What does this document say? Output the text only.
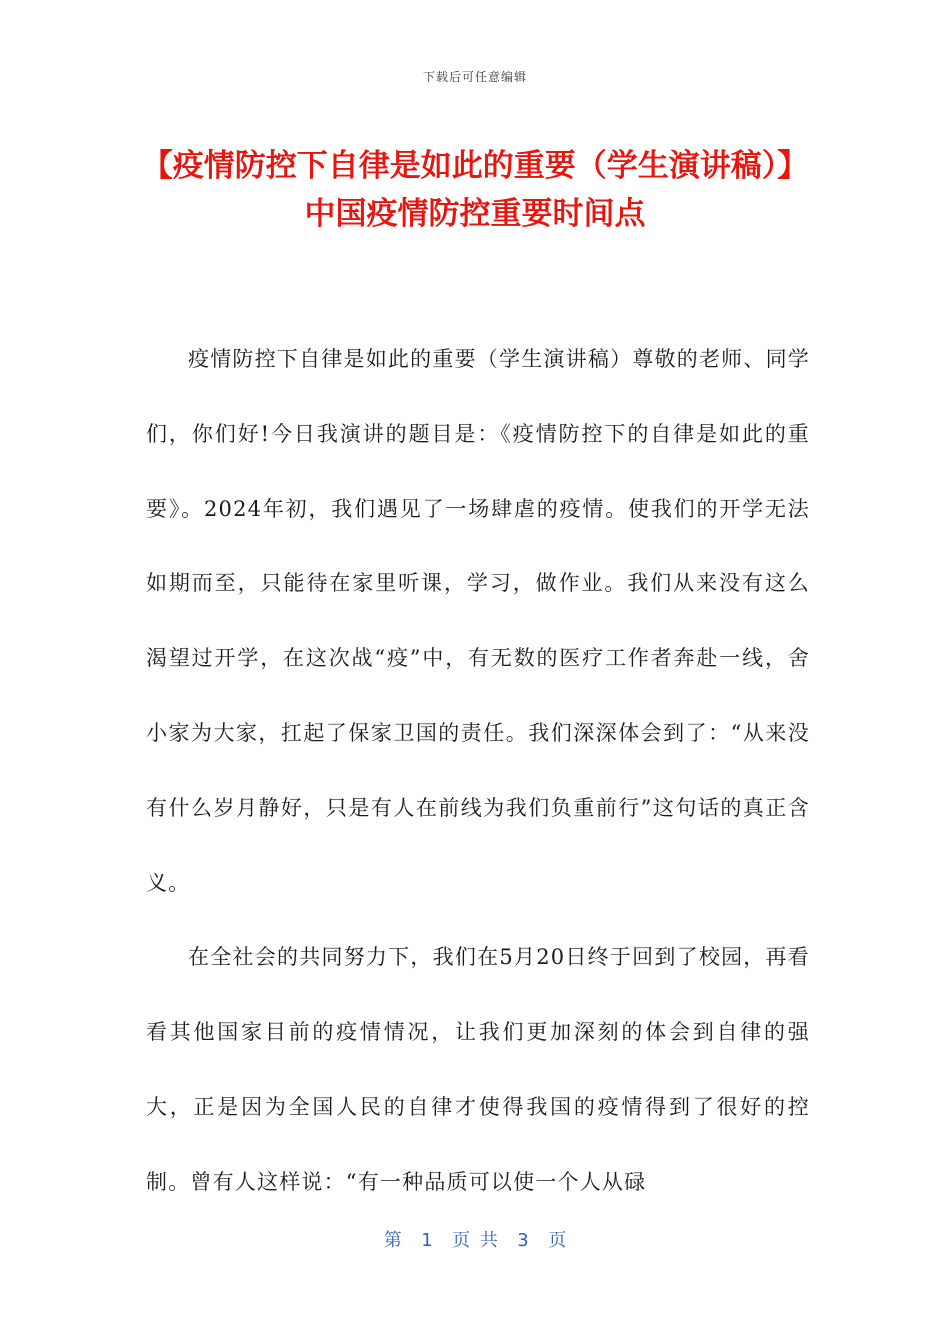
下载后可任意编辑
【疫情防控下自律是如此的重要（学生演讲稿）】中国疫情防控重要时间点

疫情防控下自律是如此的重要（学生演讲稿）尊敬的老师、同学们，你们好!今日我演讲的题目是：《疫情防控下的自律是如此的重要》。2024年初，我们遇见了一场肆虐的疫情。使我们的开学无法如期而至，只能待在家里听课，学习，做作业。我们从来没有这么渴望过开学，在这次战“疫”中，有无数的医疗工作者奔赴一线，舍小家为大家，扛起了保家卫国的责任。我们深深体会到了：“从来没有什么岁月静好，只是有人在前线为我们负重前行”这句话的真正含义。

在全社会的共同努力下，我们在5月20日终于回到了校园，再看看其他国家目前的疫情情况，让我们更加深刻的体会到自律的强大，正是因为全国人民的自律才使得我国的疫情得到了很好的控制。曾有人这样说：“有一种品质可以使一个人从碌

第  1  页 共  3  页
